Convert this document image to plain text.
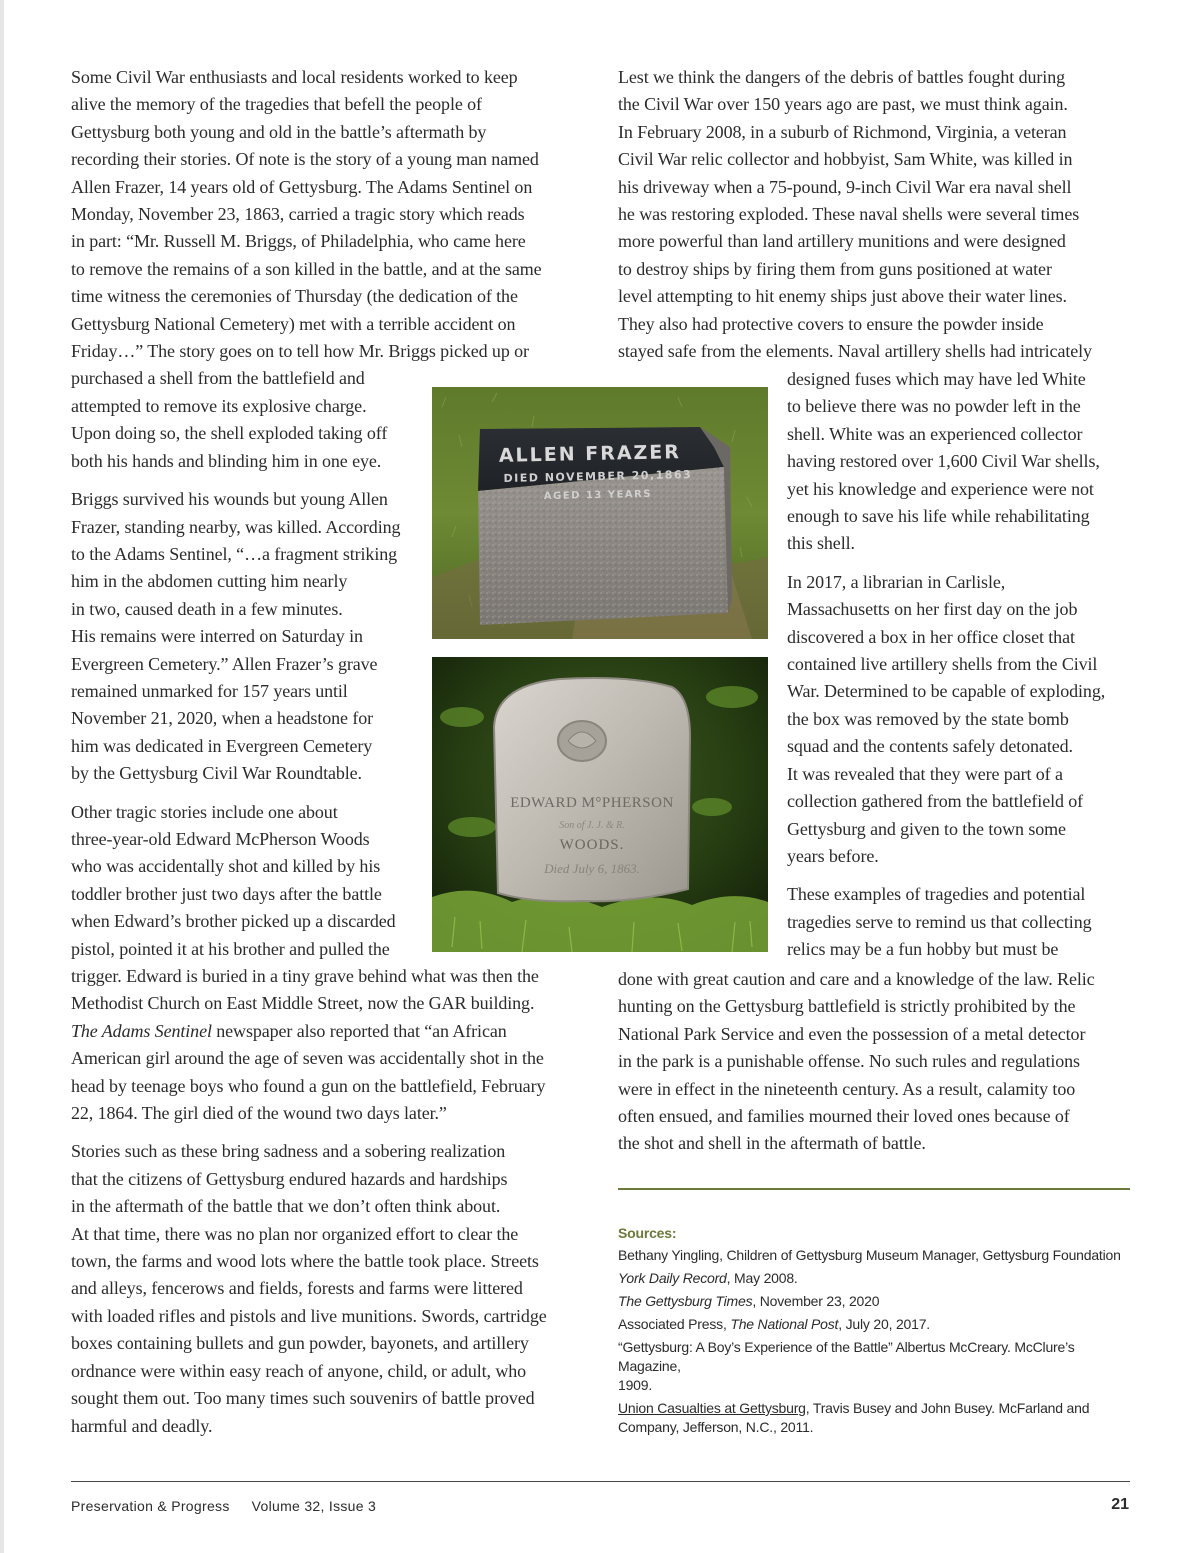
Some Civil War enthusiasts and local residents worked to keep
alive the memory of the tragedies that befell the people of
Gettysburg both young and old in the battle’s aftermath by
recording their stories. Of note is the story of a young man named
Allen Frazer, 14 years old of Gettysburg. The Adams Sentinel on
Monday, November 23, 1863, carried a tragic story which reads
in part: “Mr. Russell M. Briggs, of Philadelphia, who came here
to remove the remains of a son killed in the battle, and at the same
time witness the ceremonies of Thursday (the dedication of the
Gettysburg National Cemetery) met with a terrible accident on
Friday…” The story goes on to tell how Mr. Briggs picked up or
purchased a shell from the battlefield and
attempted to remove its explosive charge.
Upon doing so, the shell exploded taking off
both his hands and blinding him in one eye.

Briggs survived his wounds but young Allen
Frazer, standing nearby, was killed. According
to the Adams Sentinel, “…a fragment striking
him in the abdomen cutting him nearly
in two, caused death in a few minutes.
His remains were interred on Saturday in
Evergreen Cemetery.” Allen Frazer’s grave
remained unmarked for 157 years until
November 21, 2020, when a headstone for
him was dedicated in Evergreen Cemetery
by the Gettysburg Civil War Roundtable.

Other tragic stories include one about
three-year-old Edward McPherson Woods
who was accidentally shot and killed by his
toddler brother just two days after the battle
when Edward’s brother picked up a discarded
pistol, pointed it at his brother and pulled the
trigger. Edward is buried in a tiny grave behind what was then the
Methodist Church on East Middle Street, now the GAR building.
The Adams Sentinel newspaper also reported that “an African
American girl around the age of seven was accidentally shot in the
head by teenage boys who found a gun on the battlefield, February
22, 1864. The girl died of the wound two days later.”

Stories such as these bring sadness and a sobering realization
that the citizens of Gettysburg endured hazards and hardships
in the aftermath of the battle that we don’t often think about.
At that time, there was no plan nor organized effort to clear the
town, the farms and wood lots where the battle took place. Streets
and alleys, fencerows and fields, forests and farms were littered
with loaded rifles and pistols and live munitions. Swords, cartridge
boxes containing bullets and gun powder, bayonets, and artillery
ordnance were within easy reach of anyone, child, or adult, who
sought them out. Too many times such souvenirs of battle proved
harmful and deadly.

Lest we think the dangers of the debris of battles fought during
the Civil War over 150 years ago are past, we must think again.
In February 2008, in a suburb of Richmond, Virginia, a veteran
Civil War relic collector and hobbyist, Sam White, was killed in
his driveway when a 75-pound, 9-inch Civil War era naval shell
he was restoring exploded. These naval shells were several times
more powerful than land artillery munitions and were designed
to destroy ships by firing them from guns positioned at water
level attempting to hit enemy ships just above their water lines.
They also had protective covers to ensure the powder inside
stayed safe from the elements. Naval artillery shells had intricately

designed fuses which may have led White
to believe there was no powder left in the
shell. White was an experienced collector
having restored over 1,600 Civil War shells,
yet his knowledge and experience were not
enough to save his life while rehabilitating
this shell.

In 2017, a librarian in Carlisle,
Massachusetts on her first day on the job
discovered a box in her office closet that
contained live artillery shells from the Civil
War. Determined to be capable of exploding,
the box was removed by the state bomb
squad and the contents safely detonated.
It was revealed that they were part of a
collection gathered from the battlefield of
Gettysburg and given to the town some
years before.

These examples of tragedies and potential
tragedies serve to remind us that collecting
relics may be a fun hobby but must be

done with great caution and care and a knowledge of the law. Relic
hunting on the Gettysburg battlefield is strictly prohibited by the
National Park Service and even the possession of a metal detector
in the park is a punishable offense. No such rules and regulations
were in effect in the nineteenth century. As a result, calamity too
often ensued, and families mourned their loved ones because of
the shot and shell in the aftermath of battle.

ALLEN FRAZER
DIED NOVEMBER 20,1863
AGED 13 YEARS
EDWARD M°PHERSON
Son of J. J. & R.
WOODS.
Died July 6, 1863.
Sources:
Bethany Yingling, Children of Gettysburg Museum Manager, Gettysburg Foundation
York Daily Record, May 2008.
The Gettysburg Times, November 23, 2020
Associated Press, The National Post, July 20, 2017.
“Gettysburg: A Boy’s Experience of the Battle” Albertus McCreary. McClure’s Magazine,
1909.
Union Casualties at Gettysburg, Travis Busey and John Busey. McFarland and
Company, Jefferson, N.C., 2011.
Preservation & Progress Volume 32, Issue 3	21
